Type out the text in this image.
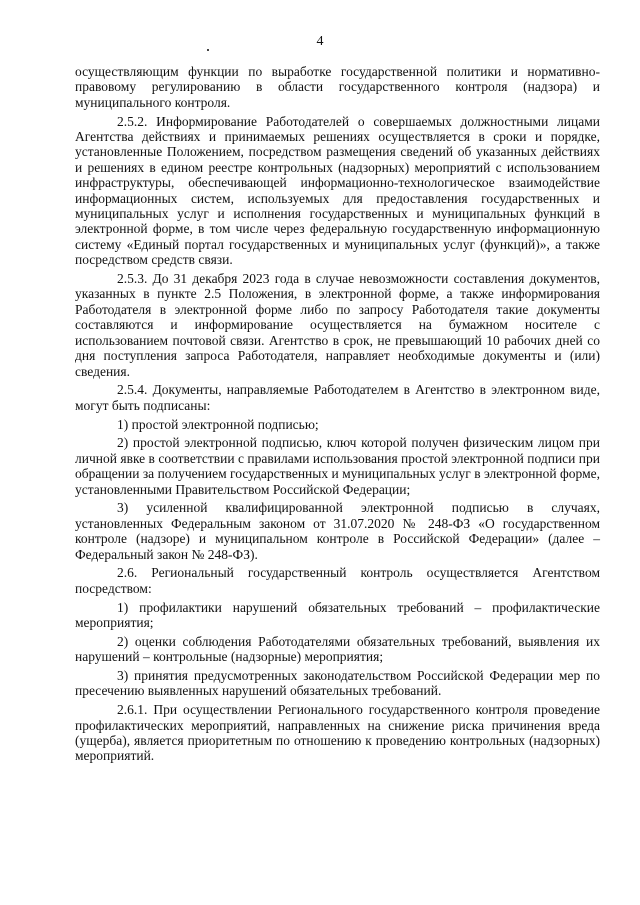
4

осуществляющим функции по выработке государственной политики и нормативно-правовому регулированию в области государственного контроля (надзора) и муниципального контроля.

2.5.2. Информирование Работодателей о совершаемых должностными лицами Агентства действиях и принимаемых решениях осуществляется в сроки и порядке, установленные Положением, посредством размещения сведений об указанных действиях и решениях в едином реестре контрольных (надзорных) мероприятий с использованием инфраструктуры, обеспечивающей информационно-технологическое взаимодействие информационных систем, используемых для предоставления государственных и муниципальных услуг и исполнения государственных и муниципальных функций в электронной форме, в том числе через федеральную государственную информационную систему «Единый портал государственных и муниципальных услуг (функций)», а также посредством средств связи.

2.5.3. До 31 декабря 2023 года в случае невозможности составления документов, указанных в пункте 2.5 Положения, в электронной форме, а также информирования Работодателя в электронной форме либо по запросу Работодателя такие документы составляются и информирование осуществляется на бумажном носителе с использованием почтовой связи. Агентство в срок, не превышающий 10 рабочих дней со дня поступления запроса Работодателя, направляет необходимые документы и (или) сведения.

2.5.4. Документы, направляемые Работодателем в Агентство в электронном виде, могут быть подписаны:

1) простой электронной подписью;

2) простой электронной подписью, ключ которой получен физическим лицом при личной явке в соответствии с правилами использования простой электронной подписи при обращении за получением государственных и муниципальных услуг в электронной форме, установленными Правительством Российской Федерации;

3) усиленной квалифицированной электронной подписью в случаях, установленных Федеральным законом от 31.07.2020 № 248-ФЗ «О государственном контроле (надзоре) и муниципальном контроле в Российской Федерации» (далее – Федеральный закон № 248-ФЗ).

2.6. Региональный государственный контроль осуществляется Агентством посредством:

1) профилактики нарушений обязательных требований – профилактические мероприятия;

2) оценки соблюдения Работодателями обязательных требований, выявления их нарушений – контрольные (надзорные) мероприятия;

3) принятия предусмотренных законодательством Российской Федерации мер по пресечению выявленных нарушений обязательных требований.

2.6.1. При осуществлении Регионального государственного контроля проведение профилактических мероприятий, направленных на снижение риска причинения вреда (ущерба), является приоритетным по отношению к проведению контрольных (надзорных) мероприятий.
